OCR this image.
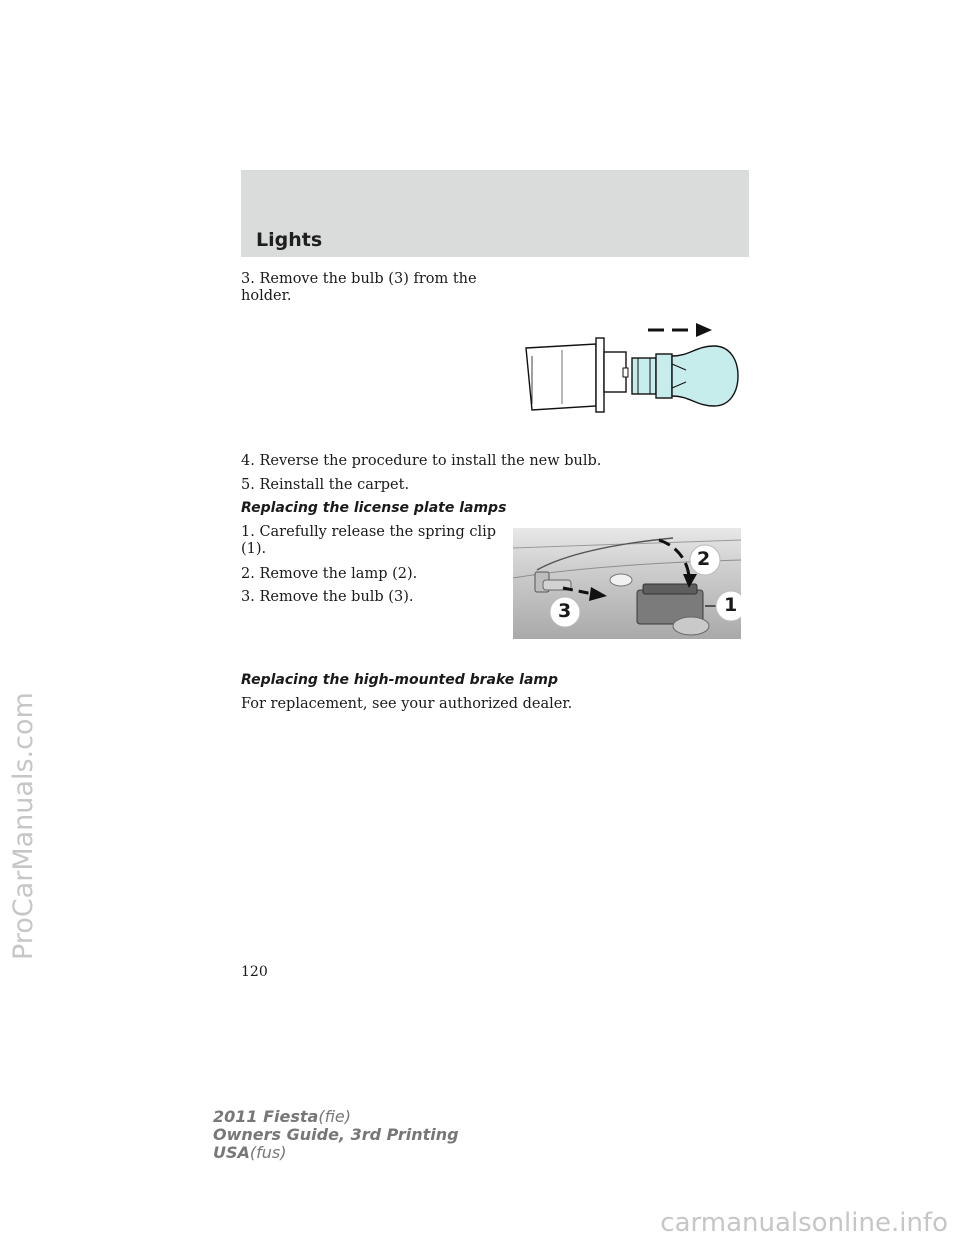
Lights

3. Remove the bulb (3) from the
holder.

4. Reverse the procedure to install the new bulb.

5. Reinstall the carpet.

Replacing the license plate lamps

1. Carefully release the spring clip
(1).

2. Remove the lamp (2).

3. Remove the bulb (3).

2
1
3
Replacing the high-mounted brake lamp

For replacement, see your authorized dealer.

120
2011 Fiesta(fie)
Owners Guide, 3rd Printing
USA(fus)
ProCarManuals.com
carmanualsonline.info
